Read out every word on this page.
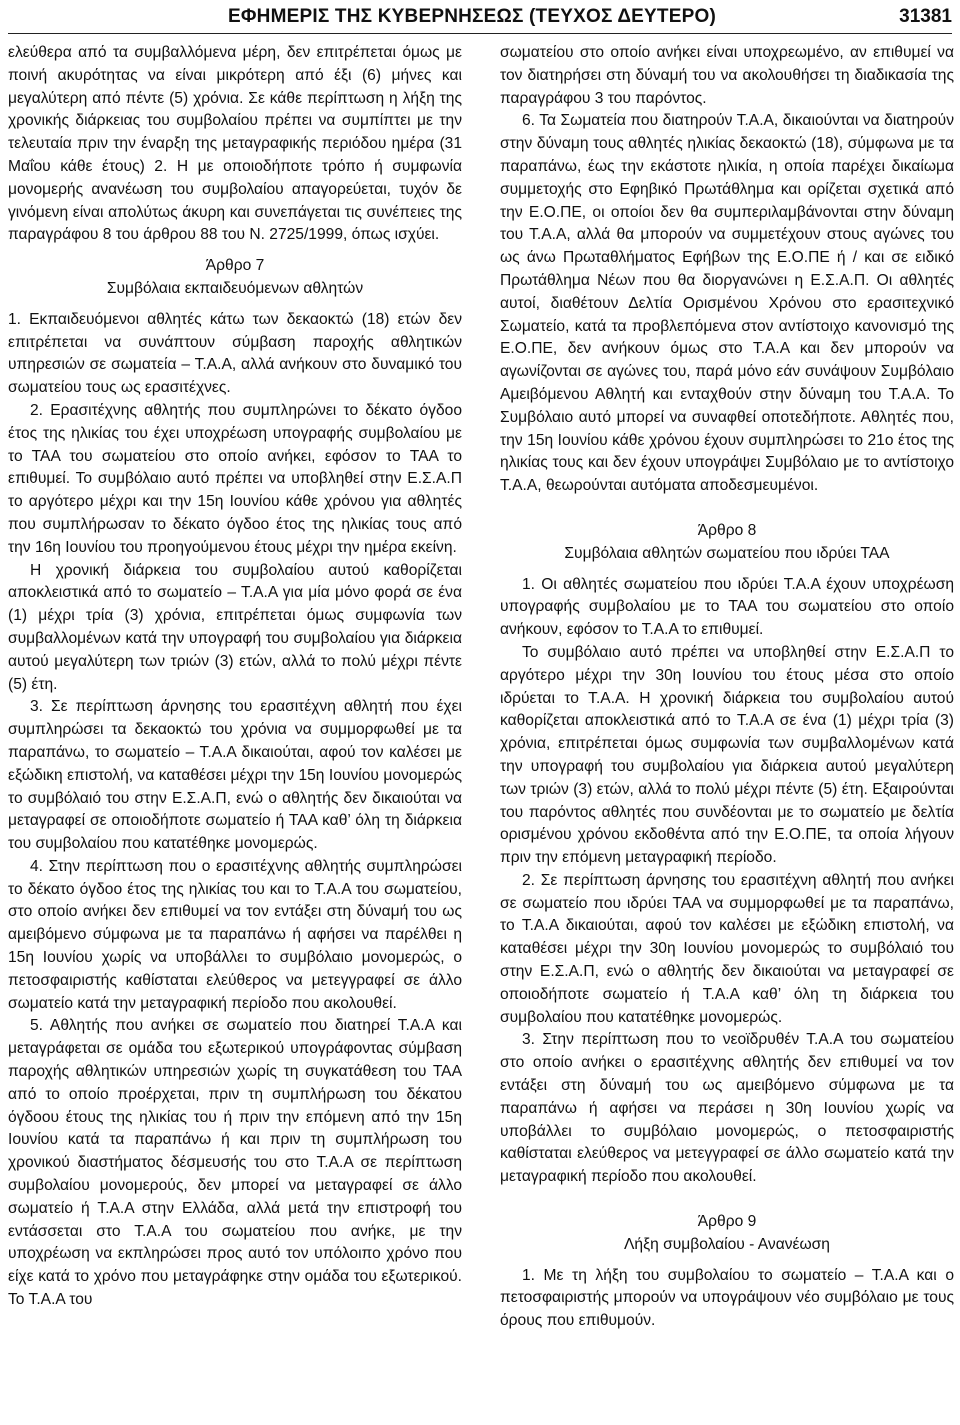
ΕΦΗΜΕΡΙΣ ΤΗΣ ΚΥΒΕΡΝΗΣΕΩΣ (ΤΕΥΧΟΣ ΔΕΥΤΕΡΟ)	31381

ελεύθερα από τα συμβαλλόμενα μέρη, δεν επιτρέπεται όμως με ποινή ακυρότητας να είναι μικρότερη από έξι (6) μήνες και μεγαλύτερη από πέντε (5) χρόνια. Σε κάθε περίπτωση η λήξη της χρονικής διάρκειας του συμβολαίου πρέπει να συμπίπτει με την τελευταία πριν την έναρξη της μεταγραφικής περιόδου ημέρα (31 Μαΐου κάθε έτους) 2. Η με οποιοδήποτε τρόπο ή συμφωνία μονομερής ανανέωση του συμβολαίου απαγορεύεται, τυχόν δε γινόμενη είναι απολύτως άκυρη και συνεπάγεται τις συνέπειες της παραγράφου 8 του άρθρου 88 του Ν. 2725/1999, όπως ισχύει.

Άρθρο 7

Συμβόλαια εκπαιδευόμενων αθλητών

1. Εκπαιδευόμενοι αθλητές κάτω των δεκαοκτώ (18) ετών δεν επιτρέπεται να συνάπτουν σύμβαση παροχής αθλητικών υπηρεσιών σε σωματεία – Τ.Α.Α, αλλά ανήκουν στο δυναμικό του σωματείου τους ως ερασιτέχνες.

2. Ερασιτέχνης αθλητής που συμπληρώνει το δέκατο όγδοο έτος της ηλικίας του έχει υποχρέωση υπογραφής συμβολαίου με το ΤΑΑ του σωματείου στο οποίο ανήκει, εφόσον το ΤΑΑ το επιθυμεί. Το συμβόλαιο αυτό πρέπει να υποβληθεί στην Ε.Σ.Α.Π το αργότερο μέχρι και την 15η Ιουνίου κάθε χρόνου για αθλητές που συμπλήρωσαν το δέκατο όγδοο έτος της ηλικίας τους από την 16η Ιουνίου του προηγούμενου έτους μέχρι την ημέρα εκείνη.

Η χρονική διάρκεια του συμβολαίου αυτού καθορίζεται αποκλειστικά από το σωματείο – Τ.Α.Α για μία μόνο φορά σε ένα (1) μέχρι τρία (3) χρόνια, επιτρέπεται όμως συμφωνία των συμβαλλομένων κατά την υπογραφή του συμβολαίου για διάρκεια αυτού μεγαλύτερη των τριών (3) ετών, αλλά το πολύ μέχρι πέντε (5) έτη.

3. Σε περίπτωση άρνησης του ερασιτέχνη αθλητή που έχει συμπληρώσει τα δεκαοκτώ του χρόνια να συμμορφωθεί με τα παραπάνω, το σωματείο – Τ.Α.Α δικαιούται, αφού τον καλέσει με εξώδικη επιστολή, να καταθέσει μέχρι την 15η Ιουνίου μονομερώς το συμβόλαιό του στην Ε.Σ.Α.Π, ενώ ο αθλητής δεν δικαιούται να μεταγραφεί σε οποιοδήποτε σωματείο ή ΤΑΑ καθ’ όλη τη διάρκεια του συμβολαίου που κατατέθηκε μονομερώς.

4. Στην περίπτωση που ο ερασιτέχνης αθλητής συμπληρώσει το δέκατο όγδοο έτος της ηλικίας του και το Τ.Α.Α του σωματείου, στο οποίο ανήκει δεν επιθυμεί να τον εντάξει στη δύναμή του ως αμειβόμενο σύμφωνα με τα παραπάνω ή αφήσει να παρέλθει η 15η Ιουνίου χωρίς να υποβάλλει το συμβόλαιο μονομερώς, ο πετοσφαιριστής καθίσταται ελεύθερος να μετεγγραφεί σε άλλο σωματείο κατά την μεταγραφική περίοδο που ακολουθεί.

5. Αθλητής που ανήκει σε σωματείο που διατηρεί Τ.Α.Α και μεταγράφεται σε ομάδα του εξωτερικού υπογράφοντας σύμβαση παροχής αθλητικών υπηρεσιών χωρίς τη συγκατάθεση του ΤΑΑ από το οποίο προέρχεται, πριν τη συμπλήρωση του δέκατου όγδοου έτους της ηλικίας του ή πριν την επόμενη από την 15η Ιουνίου κατά τα παραπάνω ή και πριν τη συμπλήρωση του χρονικού διαστήματος δέσμευσής του στο Τ.Α.Α σε περίπτωση συμβολαίου μονομερούς, δεν μπορεί να μεταγραφεί σε άλλο σωματείο ή Τ.Α.Α στην Ελλάδα, αλλά μετά την επιστροφή του εντάσσεται στο Τ.Α.Α του σωματείου που ανήκε, με την υποχρέωση να εκπληρώσει προς αυτό τον υπόλοιπο χρόνο που είχε κατά το χρόνο που μεταγράφηκε στην ομάδα του εξωτερικού. Το Τ.Α.Α του

σωματείου στο οποίο ανήκει είναι υποχρεωμένο, αν επιθυμεί να τον διατηρήσει στη δύναμή του να ακολουθήσει τη διαδικασία της παραγράφου 3 του παρόντος.

6. Τα Σωματεία που διατηρούν Τ.Α.Α, δικαιούνται να διατηρούν στην δύναμη τους αθλητές ηλικίας δεκαοκτώ (18), σύμφωνα με τα παραπάνω, έως την εκάστοτε ηλικία, η οποία παρέχει δικαίωμα συμμετοχής στο Εφηβικό Πρωτάθλημα και ορίζεται σχετικά από την Ε.Ο.ΠΕ, οι οποίοι δεν θα συμπεριλαμβάνονται στην δύναμη του Τ.Α.Α, αλλά θα μπορούν να συμμετέχουν στους αγώνες του ως άνω Πρωταθλήματος Εφήβων της Ε.Ο.ΠΕ ή / και σε ειδικό Πρωτάθλημα Νέων που θα διοργανώνει η Ε.Σ.Α.Π. Οι αθλητές αυτοί, διαθέτουν Δελτία Ορισμένου Χρόνου στο ερασιτεχνικό Σωματείο, κατά τα προβλεπόμενα στον αντίστοιχο κανονισμό της Ε.Ο.ΠΕ, δεν ανήκουν όμως στο Τ.Α.Α και δεν μπορούν να αγωνίζονται σε αγώνες του, παρά μόνο εάν συνάψουν Συμβόλαιο Αμειβόμενου Αθλητή και ενταχθούν στην δύναμη του Τ.Α.Α. Το Συμβόλαιο αυτό μπορεί να συναφθεί οποτεδήποτε. Αθλητές που, την 15η Ιουνίου κάθε χρόνου έχουν συμπληρώσει το 21ο έτος της ηλικίας τους και δεν έχουν υπογράψει Συμβόλαιο με το αντίστοιχο Τ.Α.Α, θεωρούνται αυτόματα αποδεσμευμένοι.

Άρθρο 8

Συμβόλαια αθλητών σωματείου που ιδρύει ΤΑΑ

1. Οι αθλητές σωματείου που ιδρύει Τ.Α.Α έχουν υποχρέωση υπογραφής συμβολαίου με το ΤΑΑ του σωματείου στο οποίο ανήκουν, εφόσον το Τ.Α.Α το επιθυμεί.

Το συμβόλαιο αυτό πρέπει να υποβληθεί στην Ε.Σ.Α.Π το αργότερο μέχρι την 30η Ιουνίου του έτους μέσα στο οποίο ιδρύεται το Τ.Α.Α. Η χρονική διάρκεια του συμβολαίου αυτού καθορίζεται αποκλειστικά από το Τ.Α.Α σε ένα (1) μέχρι τρία (3) χρόνια, επιτρέπεται όμως συμφωνία των συμβαλλομένων κατά την υπογραφή του συμβολαίου για διάρκεια αυτού μεγαλύτερη των τριών (3) ετών, αλλά το πολύ μέχρι πέντε (5) έτη. Εξαιρούνται του παρόντος αθλητές που συνδέονται με το σωματείο με δελτία ορισμένου χρόνου εκδοθέντα από την Ε.Ο.ΠΕ, τα οποία λήγουν πριν την επόμενη μεταγραφική περίοδο.

2. Σε περίπτωση άρνησης του ερασιτέχνη αθλητή που ανήκει σε σωματείο που ιδρύει ΤΑΑ να συμμορφωθεί με τα παραπάνω, το Τ.Α.Α δικαιούται, αφού τον καλέσει με εξώδικη επιστολή, να καταθέσει μέχρι την 30η Ιουνίου μονομερώς το συμβόλαιό του στην Ε.Σ.Α.Π, ενώ ο αθλητής δεν δικαιούται να μεταγραφεί σε οποιοδήποτε σωματείο ή Τ.Α.Α καθ’ όλη τη διάρκεια του συμβολαίου που κατατέθηκε μονομερώς.

3. Στην περίπτωση που το νεοϊδρυθέν Τ.Α.Α του σωματείου στο οποίο ανήκει ο ερασιτέχνης αθλητής δεν επιθυμεί να τον εντάξει στη δύναμή του ως αμειβόμενο σύμφωνα με τα παραπάνω ή αφήσει να περάσει η 30η Ιουνίου χωρίς να υποβάλλει το συμβόλαιο μονομερώς, ο πετοσφαιριστής καθίσταται ελεύθερος να μετεγγραφεί σε άλλο σωματείο κατά την μεταγραφική περίοδο που ακολουθεί.

Άρθρο 9

Λήξη συμβολαίου - Ανανέωση

1. Με τη λήξη του συμβολαίου το σωματείο – Τ.Α.Α και ο πετοσφαιριστής μπορούν να υπογράψουν νέο συμβόλαιο με τους όρους που επιθυμούν.
